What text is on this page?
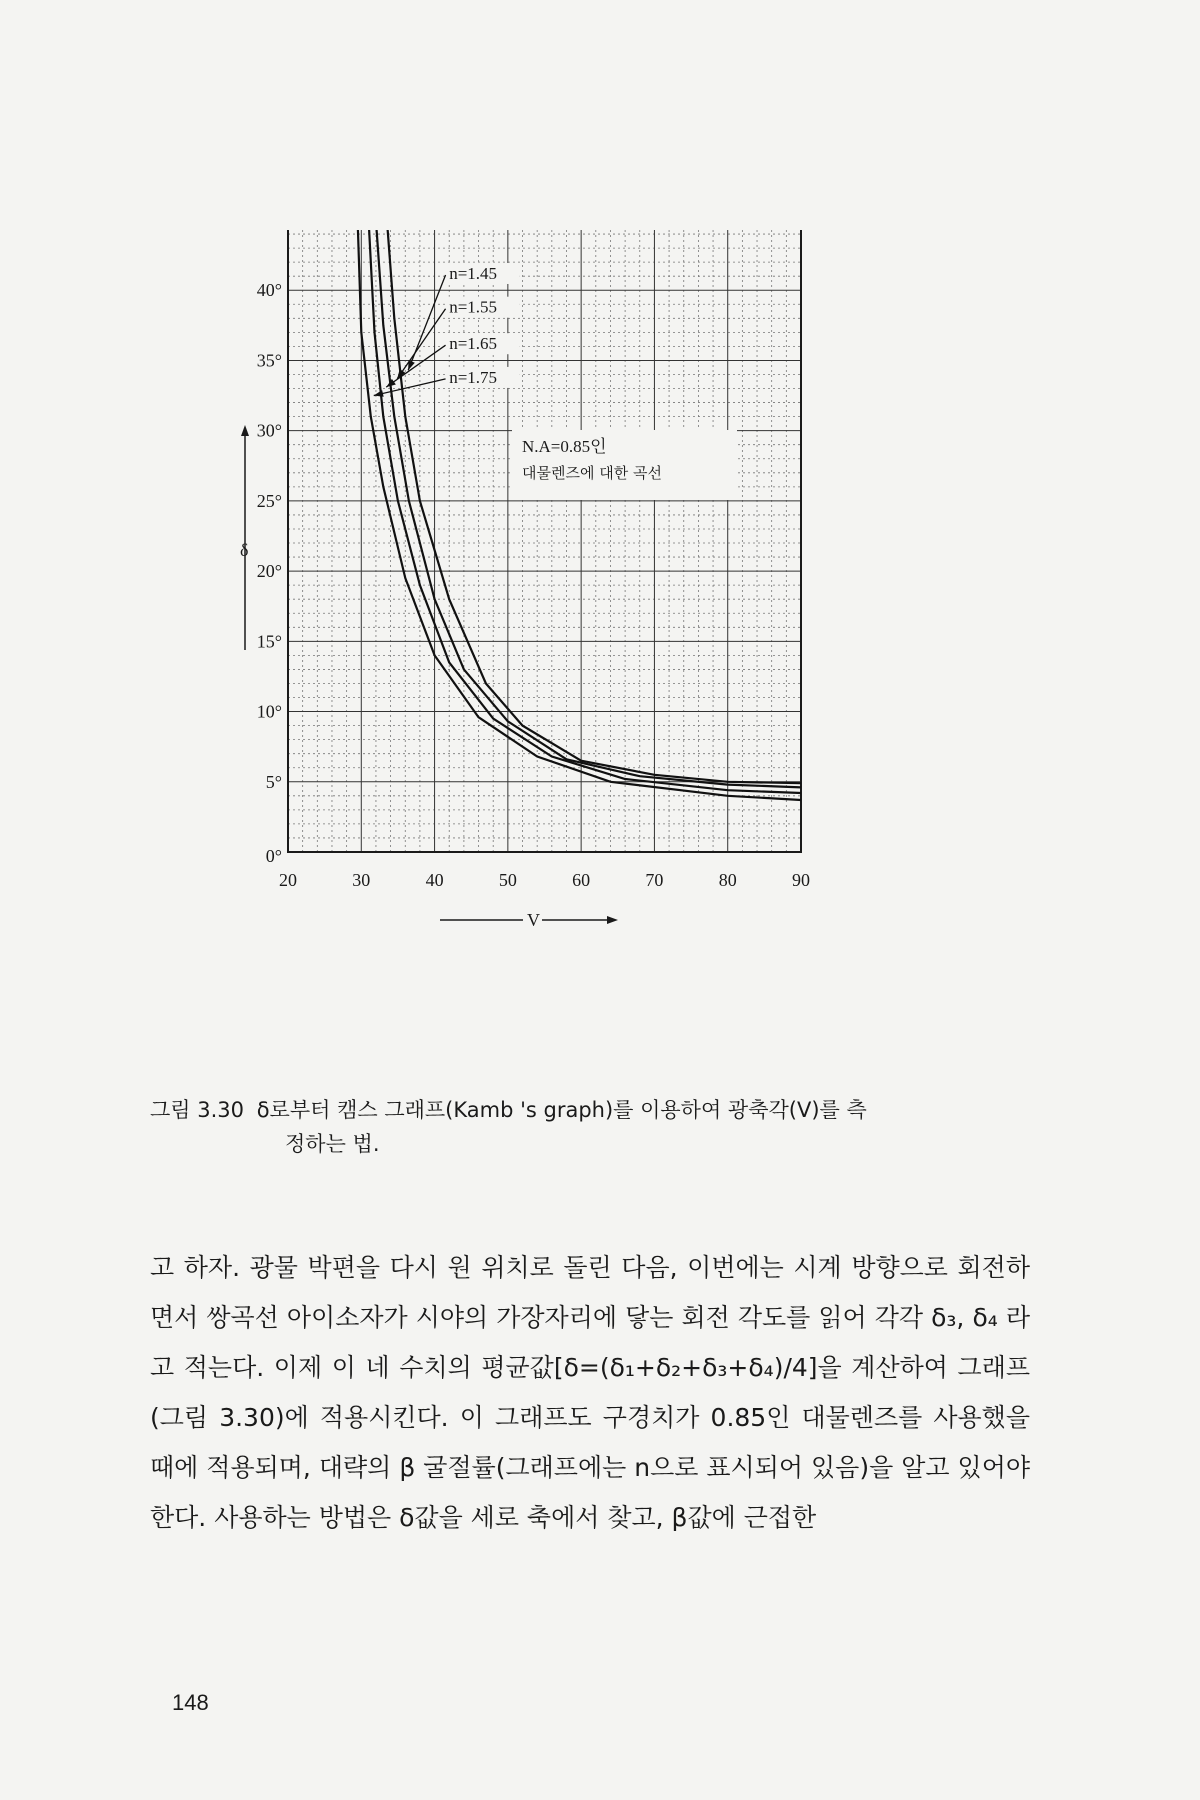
20	30	40	50	60	70	80	90
0°
5°
10°
15°
20°
25°
30°
35°
40°
n=1.45
n=1.55
n=1.65
n=1.75
N.A=0.85인
대물렌즈에 대한 곡선
δ
V
그림 3.30 δ로부터 캠스 그래프(Kamb 's graph)를 이용하여 광축각(V)를 측
정하는 법.

고 하자. 광물 박편을 다시 원 위치로 돌린 다음, 이번에는 시계 방향으로 회전하면서 쌍곡선 아이소자가 시야의 가장자리에 닿는 회전 각도를 읽어 각각 δ₃, δ₄ 라고 적는다. 이제 이 네 수치의 평균값[δ=(δ₁+δ₂+δ₃+δ₄)/4]을 계산하여 그래프(그림 3.30)에 적용시킨다. 이 그래프도 구경치가 0.85인 대물렌즈를 사용했을 때에 적용되며, 대략의 β 굴절률(그래프에는 n으로 표시되어 있음)을 알고 있어야 한다. 사용하는 방법은 δ값을 세로 축에서 찾고, β값에 근접한

148
